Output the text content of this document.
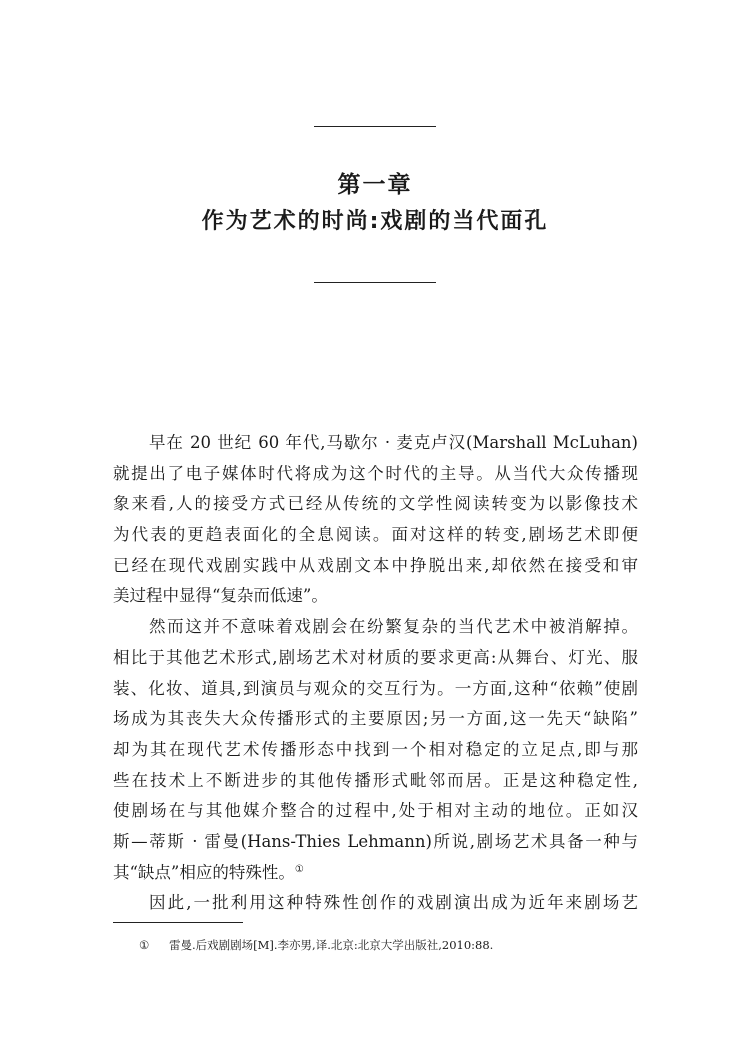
第一章
作为艺术的时尚:戏剧的当代面孔
早在 20 世纪 60 年代,马歇尔 · 麦克卢汉(Marshall McLuhan)
就提出了电子媒体时代将成为这个时代的主导。从当代大众传播现
象来看,人的接受方式已经从传统的文学性阅读转变为以影像技术
为代表的更趋表面化的全息阅读。面对这样的转变,剧场艺术即便
已经在现代戏剧实践中从戏剧文本中挣脱出来,却依然在接受和审
美过程中显得“复杂而低速”。
然而这并不意味着戏剧会在纷繁复杂的当代艺术中被消解掉。
相比于其他艺术形式,剧场艺术对材质的要求更高:从舞台、灯光、服
装、化妆、道具,到演员与观众的交互行为。一方面,这种“依赖”使剧
场成为其丧失大众传播形式的主要原因;另一方面,这一先天“缺陷”
却为其在现代艺术传播形态中找到一个相对稳定的立足点,即与那
些在技术上不断进步的其他传播形式毗邻而居。正是这种稳定性,
使剧场在与其他媒介整合的过程中,处于相对主动的地位。正如汉
斯—蒂斯 · 雷曼(Hans-Thies Lehmann)所说,剧场艺术具备一种与
其“缺点”相应的特殊性。①
因此,一批利用这种特殊性创作的戏剧演出成为近年来剧场艺
① 雷曼.后戏剧剧场[M].李亦男,译.北京:北京大学出版社,2010:88.
